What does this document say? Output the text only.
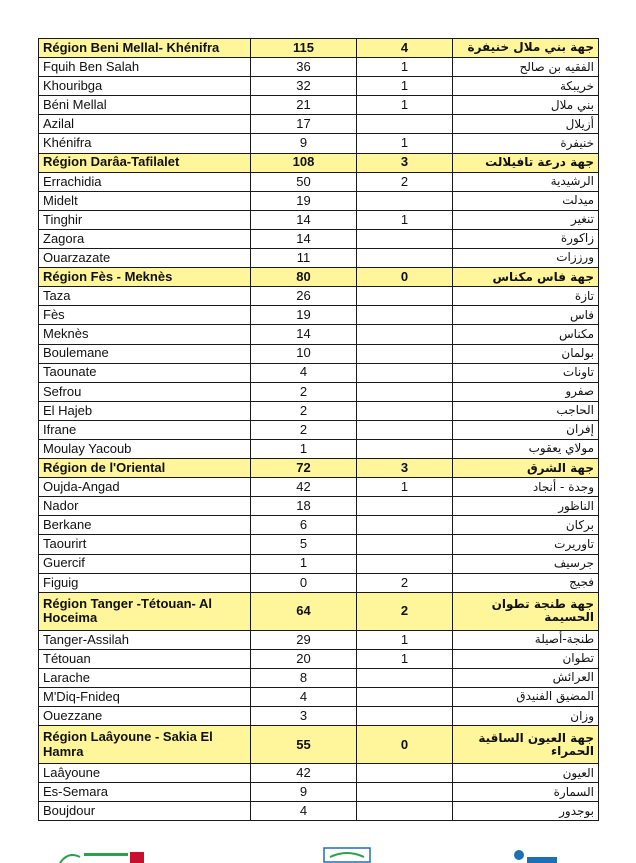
Région Beni Mellal- Khénifra	115	4	جهة بني ملال خنيفرة
Fquih Ben Salah	36	1	الفقيه بن صالح
Khouribga	32	1	خريبكة
Béni Mellal	21	1	بني ملال
Azilal	17		أزيلال
Khénifra	9	1	خنيفرة
Région Darâa-Tafilalet	108	3	جهة درعة تافيلالت
Errachidia	50	2	الرشيدية
Midelt	19		ميدلت
Tinghir	14	1	تنغير
Zagora	14		زاكورة
Ouarzazate	11		ورززات
Région Fès - Meknès	80	0	جهة فاس مكناس
Taza	26		تازة
Fès	19		فاس
Meknès	14		مكناس
Boulemane	10		بولمان
Taounate	4		تاونات
Sefrou	2		صفرو
El Hajeb	2		الحاجب
Ifrane	2		إفران
Moulay Yacoub	1		مولاي يعقوب
Région de l'Oriental	72	3	جهة الشرق
Oujda-Angad	42	1	وجدة - أنجاد
Nador	18		الناظور
Berkane	6		بركان
Taourirt	5		تاوريرت
Guercif	1		جرسيف
Figuig	0	2	فجيج
Région Tanger -Tétouan- Al Hoceima	64	2	جهة طنجة تطوان الحسيمة
Tanger-Assilah	29	1	طنجة-أصيلة
Tétouan	20	1	تطوان
Larache	8		العرائش
M'Diq-Fnideq	4		المضيق الفنيدق
Ouezzane	3		وزان
Région Laâyoune - Sakia El Hamra	55	0	جهة العيون الساقية الحمراء
Laâyoune	42		العيون
Es-Semara	9		السمارة
Boujdour	4		بوجدور
